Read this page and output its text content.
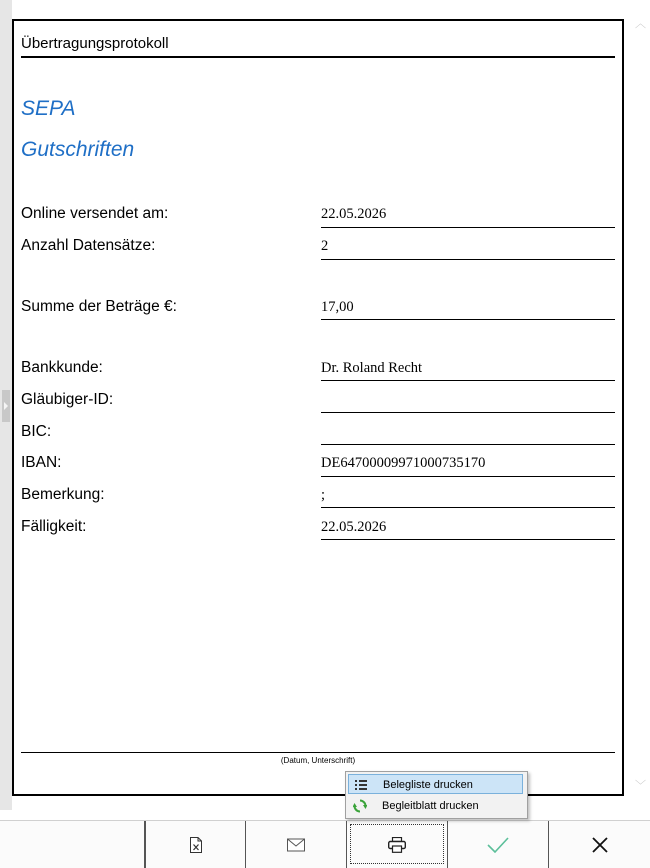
︿
﹀
Übertragungsprotokoll
SEPA
Gutschriften
Online versendet am:	22.05.2026
Anzahl Datensätze:	2
Summe der Beträge €:	17,00
Bankkunde:	Dr. Roland Recht
Gläubiger-ID:
BIC:
IBAN:	DE64700009971000735170
Bemerkung:	;
Fälligkeit:	22.05.2026
(Datum, Unterschrift)
Belegliste drucken
Begleitblatt drucken
